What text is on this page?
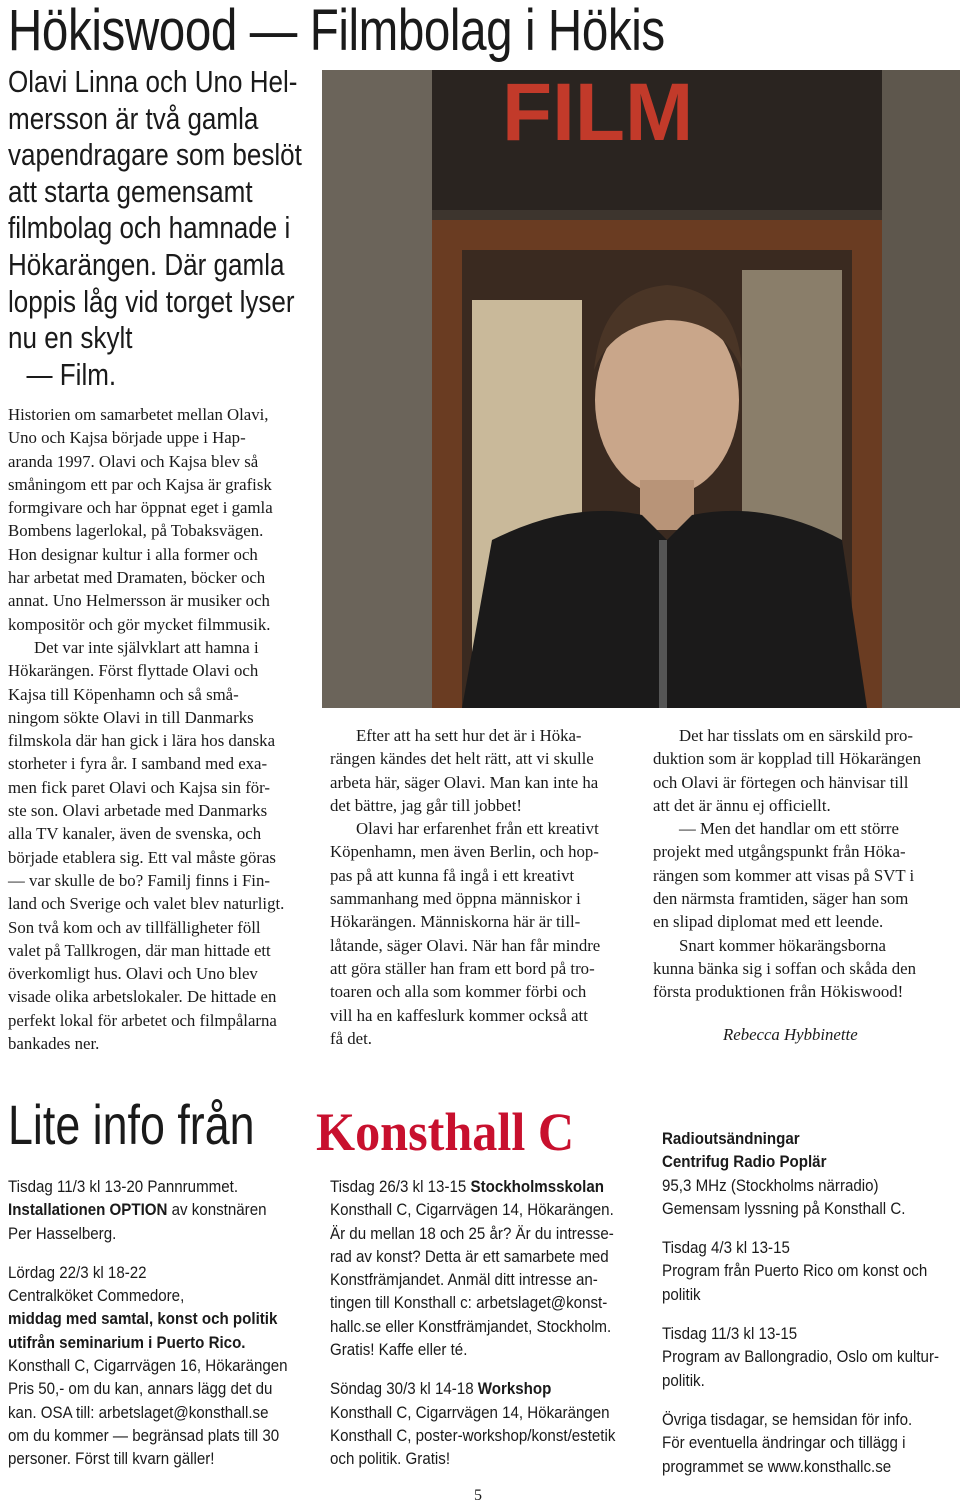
Hökiswood — Filmbolag i Hökis
Olavi Linna och Uno Hel-
mersson är två gamla
vapendragare som beslöt
att starta gemensamt
filmbolag och hamnade i
Hökarängen. Där gamla
loppis låg vid torget lyser
nu en skylt
— Film.
FILM
Historien om samarbetet mellan Olavi,
Uno och Kajsa började uppe i Hap-
aranda 1997. Olavi och Kajsa blev så
småningom ett par och Kajsa är grafisk
formgivare och har öppnat eget i gamla
Bombens lagerlokal, på Tobaksvägen.
Hon designar kultur i alla former och
har arbetat med Dramaten, böcker och
annat. Uno Helmersson är musiker och
kompositör och gör mycket filmmusik.
Det var inte självklart att hamna i
Hökarängen. Först flyttade Olavi och
Kajsa till Köpenhamn och så små-
ningom sökte Olavi in till Danmarks
filmskola där han gick i lära hos danska
storheter i fyra år. I samband med exa-
men fick paret Olavi och Kajsa sin för-
ste son. Olavi arbetade med Danmarks
alla TV kanaler, även de svenska, och
började etablera sig. Ett val måste göras
— var skulle de bo? Familj finns i Fin-
land och Sverige och valet blev naturligt.
Son två kom och av tillfälligheter föll
valet på Tallkrogen, där man hittade ett
överkomligt hus. Olavi och Uno blev
visade olika arbetslokaler. De hittade en
perfekt lokal för arbetet och filmpålarna
bankades ner.
Efter att ha sett hur det är i Höka-
rängen kändes det helt rätt, att vi skulle
arbeta här, säger Olavi. Man kan inte ha
det bättre, jag går till jobbet!
Olavi har erfarenhet från ett kreativt
Köpenhamn, men även Berlin, och hop-
pas på att kunna få ingå i ett kreativt
sammanhang med öppna människor i
Hökarängen. Människorna här är till-
låtande, säger Olavi. När han får mindre
att göra ställer han fram ett bord på tro-
toaren och alla som kommer förbi och
vill ha en kaffeslurk kommer också att
få det.
Det har tisslats om en särskild pro-
duktion som är kopplad till Hökarängen
och Olavi är förtegen och hänvisar till
att det är ännu ej officiellt.
— Men det handlar om ett större
projekt med utgångspunkt från Höka-
rängen som kommer att visas på SVT i
den närmsta framtiden, säger han som
en slipad diplomat med ett leende.
Snart kommer hökarängsborna
kunna bänka sig i soffan och skåda den
första produktionen från Hökiswood!
Rebecca Hybbinette
Lite info från Konsthall C
Tisdag 11/3 kl 13-20 Pannrummet.
Installationen OPTION av konstnären
Per Hasselberg.
Lördag 22/3 kl 18-22
Centralköket Commedore,
middag med samtal, konst och politik
utifrån seminarium i Puerto Rico.
Konsthall C, Cigarrvägen 16, Hökarängen
Pris 50,- om du kan, annars lägg det du
kan. OSA till: arbetslaget@konsthall.se
om du kommer — begränsad plats till 30
personer. Först till kvarn gäller!
Tisdag 26/3 kl 13-15 Stockholmsskolan
Konsthall C, Cigarrvägen 14, Hökarängen.
Är du mellan 18 och 25 år? Är du intresse-
rad av konst? Detta är ett samarbete med
Konstfrämjandet. Anmäl ditt intresse an-
tingen till Konsthall c: arbetslaget@konst-
hallc.se eller Konstfrämjandet, Stockholm.
Gratis! Kaffe eller té.
Söndag 30/3 kl 14-18 Workshop
Konsthall C, Cigarrvägen 14, Hökarängen
Konsthall C, poster-workshop/konst/estetik
och politik. Gratis!
Radioutsändningar
Centrifug Radio Poplär
95,3 MHz (Stockholms närradio)
Gemensam lyssning på Konsthall C.
Tisdag 4/3 kl 13-15
Program från Puerto Rico om konst och
politik
Tisdag 11/3 kl 13-15
Program av Ballongradio, Oslo om kultur-
politik.
Övriga tisdagar, se hemsidan för info.
För eventuella ändringar och tillägg i
programmet se www.konsthallc.se
5
